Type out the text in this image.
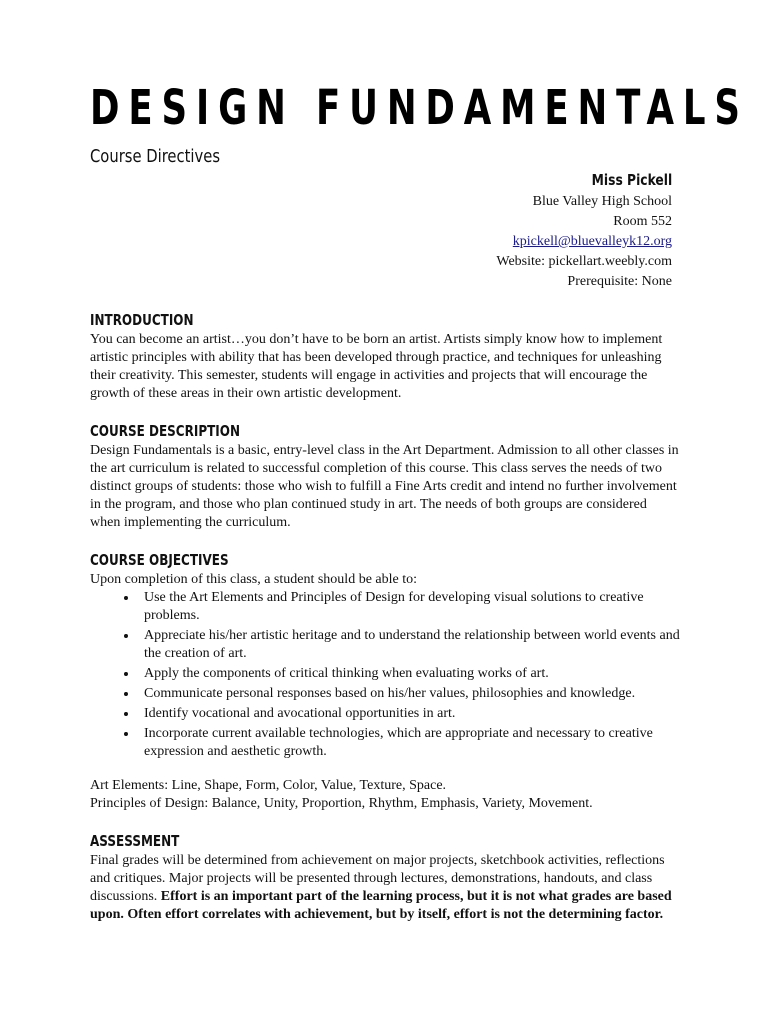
DESIGN FUNDAMENTALS
Course Directives
Miss Pickell
Blue Valley High School
Room 552
kpickell@bluevalleyk12.org
Website: pickellart.weebly.com
Prerequisite: None
INTRODUCTION

You can become an artist…you don’t have to be born an artist. Artists simply know how to implement artistic principles with ability that has been developed through practice, and techniques for unleashing their creativity. This semester, students will engage in activities and projects that will encourage the growth of these areas in their own artistic development.

COURSE DESCRIPTION

Design Fundamentals is a basic, entry-level class in the Art Department. Admission to all other classes in the art curriculum is related to successful completion of this course. This class serves the needs of two distinct groups of students: those who wish to fulfill a Fine Arts credit and intend no further involvement in the program, and those who plan continued study in art. The needs of both groups are considered when implementing the curriculum.

COURSE OBJECTIVES

Upon completion of this class, a student should be able to:

• Use the Art Elements and Principles of Design for developing visual solutions to creative problems.
• Appreciate his/her artistic heritage and to understand the relationship between world events and the creation of art.
• Apply the components of critical thinking when evaluating works of art.
• Communicate personal responses based on his/her values, philosophies and knowledge.
• Identify vocational and avocational opportunities in art.
• Incorporate current available technologies, which are appropriate and necessary to creative expression and aesthetic growth.

Art Elements: Line, Shape, Form, Color, Value, Texture, Space.

Principles of Design: Balance, Unity, Proportion, Rhythm, Emphasis, Variety, Movement.

ASSESSMENT

Final grades will be determined from achievement on major projects, sketchbook activities, reflections and critiques. Major projects will be presented through lectures, demonstrations, handouts, and class discussions. Effort is an important part of the learning process, but it is not what grades are based upon. Often effort correlates with achievement, but by itself, effort is not the determining factor.
